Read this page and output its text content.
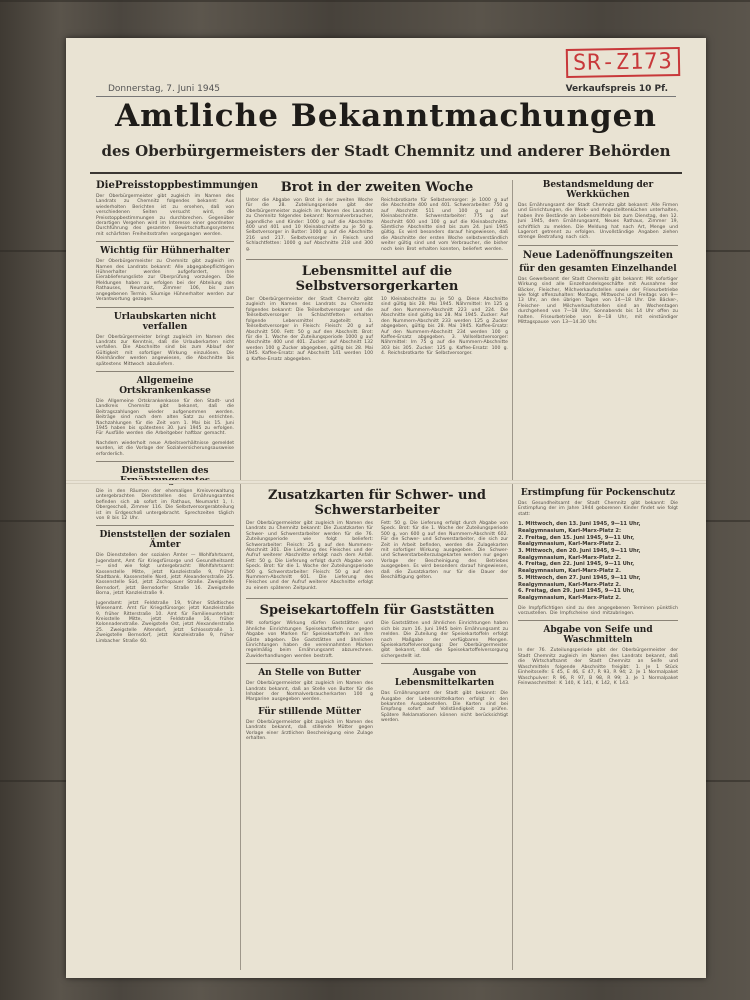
SR-Z173
Donnerstag, 7. Juni 1945	Verkaufspreis 10 Pf.
Amtliche Bekanntmachungen
des Oberbürgermeisters der Stadt Chemnitz und anderer Behörden
DiePreisstoppbestimmungen

Der Oberbürgermeister gibt zugleich im Namen des Landrats zu Chemnitz folgendes bekannt: Aus wiederholten Berichten ist zu ersehen, daß von verschiedenen Seiten versucht wird, die Preisstoppbestimmungen zu durchbrechen. Gegenüber derartigen Vergehen wird im Interesse einer geordneten Durchführung des gesamten Bewirtschaftungssystems mit schärfsten Freiheitsstrafen vorgegangen werden.

Wichtig für Hühnerhalter

Der Oberbürgermeister zu Chemnitz gibt zugleich im Namen des Landrats bekannt: Alle abgegabepflichtigen Hühnerhalter werden aufgefordert, ihre Eierablieferungsliste zur Überprüfung vorzulegen. Die Meldungen haben zu erfolgen bei der Abteilung des Rathauses, Neumarkt, Zimmer 106, bis zum angegebenen Termin. Säumige Hühnerhalter werden zur Verantwortung gezogen.

Urlaubskarten nicht verfallen

Der Oberbürgermeister bringt zugleich im Namen des Landrats zur Kenntnis, daß die Urlauberkarten nicht verfallen. Die Abschnitte sind bis zum Ablauf der Gültigkeit mit sofortiger Wirkung einzulösen. Die Kleinhändler werden angewiesen, die Abschnitte bis spätestens Mittwoch abzuliefern.

Allgemeine Ortskrankenkasse

Die Allgemeine Ortskrankenkasse für den Stadt- und Landkreis Chemnitz gibt bekannt, daß die Beitragszahlungen wieder aufgenommen werden. Beiträge sind nach dem alten Satz zu entrichten. Nachzahlungen für die Zeit vom 1. Mai bis 15. Juni 1945 haben bis spätestens 30. Juni 1945 zu erfolgen. Für Ausfälle werden die Arbeitgeber haftbar gemacht.

Nachdem wiederholt neue Arbeitsverhältnisse gemeldet wurden, ist die Vorlage der Sozialversicherungsausweise erforderlich.

Dienststellen des

Die in den Räumen der ehemaligen Kreisverwaltung untergebrachten Dienststellen des Ernährungsamtes befinden sich ab sofort im Rathaus, Neumarkt 1, I. Obergeschoß, Zimmer 116. Die Selbstversorgerabteilung ist im Erdgeschoß untergebracht. Sprechzeiten täglich von 8 bis 12 Uhr.

Dienststellen der sozialen Ämter

Die Dienststellen der sozialen Ämter — Wohlfahrtsamt, Jugendamt, Amt für Kriegsfürsorge und Gesundheitsamt — sind wie folgt untergebracht: Wohlfahrtsamt: Kassenstelle Mitte, jetzt Kanzleistraße 9, früher Stadtbank. Kassenstelle Nord, jetzt Alexandersstraße 25. Kassenstelle Süd, jetzt Zschopauer Straße. Zweigstelle Bernsdorf, jetzt Bernsdorfer Straße 16. Zweigstelle Borna, jetzt Kanzleistraße 9.

Jugendamt: jetzt Feldstraße 19, früher Städtisches Wiesenamt. Amt für Kriegsfürsorge: jetzt Kanzleistraße 9, früher Ritterstraße 10. Amt für Familienunterhalt: Kreisstelle Mitte, jetzt Feldstraße 16, früher Kolonnadenstraße. Zweigstelle Ost, jetzt Alexanderstraße 25. Zweigstelle Altendorf, jetzt Schlossstraße 1. Zweigstelle Bernsdorf, jetzt Kanzleistraße 9, früher Limbacher Straße 60.

Brot in der zweiten Woche

Unter die Abgabe von Brot in der zweiten Woche für die 28. Zuteilungsperiode gibt der Oberbürgermeister zugleich im Namen des Landrats zu Chemnitz folgendes bekannt: Normalverbraucher, Jugendliche und Kinder: 1000 g auf die Abschnitte 400 und 401 und 10 Kleinabschnitte zu je 50 g. Selbstversorger in Butter: 1000 g auf die Abschnitte 216 und 217. Selbstversorger in Fleisch und Schlachtfetten: 1000 g auf Abschnitte 218 und 300 g.

Reichsbrotkarte für Selbstversorger: je 1000 g auf die Abschnitte 400 und 401. Schwerarbeiter: 750 g auf Abschnitt 511 und 100 g auf die Kleinabschnitte. Schwerstarbeiter: 775 g auf Abschnitt 600 und 100 g auf die Kleinabschnitte. Sämtliche Abschnitte sind bis zum 24. Juni 1945 gültig. Es wird besonders darauf hingewiesen, daß die Abschnitte der ersten Woche selbstverständlich weiter gültig sind und vom Verbraucher, die bisher noch kein Brot erhalten konnten, beliefert werden.

Lebensmittel auf die Selbstversorgerkarten

Der Oberbürgermeister der Stadt Chemnitz gibt zugleich im Namen des Landrats zu Chemnitz folgendes bekannt: Die Teilselbstversorger und die Teilselbstversorger in Schlachtfetten erhalten folgende Lebensmittel zugeteilt: 1. Teilselbstversorger in Fleisch: Fleisch: 20 g auf Abschnitt 500. Fett: 50 g auf den Abschnitt. Brot: für die 1. Woche der Zuteilungsperiode 1000 g auf Abschnitte 400 und 401. Zucker: auf Abschnitt 132 werden 100 g Zucker abgegeben, gültig bis 28. Mai 1945. Kaffee-Ersatz: auf Abschnitt 141 werden 100 g Kaffee-Ersatz abgegeben.

10 Kleinabschnitte zu je 50 g. Diese Abschnitte sind gültig bis 28. Mai 1945. Nährmittel: Im 125 g auf den Nummern-Abschnitt 223 und 224. Die Abschnitte sind gültig bis 28. Mai 1945. Zucker: Auf den Nummern-Abschnitt 233 werden 125 g Zucker abgegeben, gültig bis 28. Mai 1945. Kaffee-Ersatz: Auf den Nummern-Abschnitt 234 werden 100 g Kaffee-Ersatz abgegeben. 3. Vollselbstversorger: Nährmittel: Im 75 g auf die Nummern-Abschnitte 303 bis 305. Zucker: 125 g. Kaffee-Ersatz: 100 g. 4. Reichsbrotkarte für Selbstversorger.

Bestandsmeldung der Werkküchen

Das Ernährungsamt der Stadt Chemnitz gibt bekannt: Alle Firmen und Einrichtungen, die Werk- und Angestelltenküchen unterhalten, haben ihre Bestände an Lebensmitteln bis zum Dienstag, den 12. Juni 1945, dem Ernährungsamt, Neues Rathaus, Zimmer 19, schriftlich zu melden. Die Meldung hat nach Art, Menge und Lagerort getrennt zu erfolgen. Unvollständige Angaben ziehen strenge Bestrafung nach sich.

Neue Ladenöffnungszeiten
für den gesamten Einzelhandel

Das Gewerbeamt der Stadt Chemnitz gibt bekannt: Mit sofortiger Wirkung sind alle Einzelhandelsgeschäfte mit Ausnahme der Bäcker, Fleischer, Milchverkaufsstellen sowie der Friseurbetriebe wie folgt offenzuhalten: Montags, Mittwochs und Freitags von 9—13 Uhr, an den übrigen Tagen von 14—18 Uhr. Die Bäcker-, Fleischer- und Milchverkaufsstellen sind an Wochentagen durchgehend von 7—18 Uhr, Sonnabends bis 14 Uhr offen zu halten. Friseurbetriebe von 8—18 Uhr, mit einstündiger Mittagspause von 13—14.30 Uhr.

Zusatzkarten für Schwer- und Schwerstarbeiter

Der Oberbürgermeister gibt zugleich im Namen des Landrats zu Chemnitz bekannt: Die Zusatzkarten für Schwer- und Schwerstarbeiter werden für die 76. Zuteilungsperiode wie folgt beliefert: Schwerarbeiter: Fleisch: 25 g auf den Nummern-Abschnitt 301. Die Lieferung des Fleisches und der Aufruf weiterer Abschnitte erfolgt nach dem Anfall. Fett: 50 g. Die Lieferung erfolgt durch Abgabe von Speck. Brot: für die 1. Woche der Zuteilungsperiode 500 g. Schwerstarbeiter: Fleisch: 50 g auf den Nummern-Abschnitt 601. Die Lieferung des Fleisches und der Aufruf weiterer Abschnitte erfolgt zu einem späteren Zeitpunkt.

Fett: 50 g. Die Lieferung erfolgt durch Abgabe von Speck. Brot: für die 1. Woche der Zuteilungsperiode 500 g, von 600 g auf den Nummern-Abschnitt 602. Für die Schwer- und Schwerstarbeiter, die sich zur Zeit in Arbeit befinden, werden die Zulagekarten mit sofortiger Wirkung ausgegeben. Die Schwer- und Schwerstarbeiterzulagekarten werden nur gegen Vorlage der Bescheinigung des Betriebes ausgegeben. Es wird besonders darauf hingewiesen, daß die Zusatzkarten nur für die Dauer der Beschäftigung gelten.

Speisekartoffeln für Gaststätten

Mit sofortiger Wirkung dürfen Gaststätten und ähnliche Einrichtungen Speisekartoffeln nur gegen Abgabe von Marken für Speisekartoffeln an ihre Gäste abgeben. Die Gaststätten und ähnlichen Einrichtungen haben die vereinnahmten Marken regelmäßig beim Ernährungsamt abzurechnen. Zuwiderhandlungen werden bestraft.

An Stelle von Butter

Der Oberbürgermeister gibt zugleich im Namen des Landrats bekannt, daß an Stelle von Butter für die Inhaber der Normalverbraucherkarten 100 g Margarine ausgegeben werden.

Für stillende Mütter

Der Oberbürgermeister gibt zugleich im Namen des Landrats bekannt, daß stillende Mütter gegen Vorlage einer ärztlichen Bescheinigung eine Zulage erhalten.

Die Gaststätten und ähnlichen Einrichtungen haben sich bis zum 16. Juni 1945 beim Ernährungsamt zu melden. Die Zuteilung der Speisekartoffeln erfolgt nach Maßgabe der verfügbaren Mengen. Speisekartoffelversorgung: Der Oberbürgermeister gibt bekannt, daß die Speisekartoffelversorgung sichergestellt ist.

Ausgabe von Lebensmittelkarten

Das Ernährungsamt der Stadt gibt bekannt: Die Ausgabe der Lebensmittelkarten erfolgt in den bekannten Ausgabestellen. Die Karten sind bei Empfang sofort auf Vollständigkeit zu prüfen. Spätere Reklamationen können nicht berücksichtigt werden.

Erstimpfung für Pockenschutz

Das Gesundheitsamt der Stadt Chemnitz gibt bekannt: Die Erstimpfung der im Jahre 1944 geborenen Kinder findet wie folgt statt:

1. Mittwoch, den 13. Juni 1945, 9—11 Uhr,
Realgymnasium, Karl-Marx-Platz 2:
2. Freitag, den 15. Juni 1945, 9—11 Uhr,
Realgymnasium, Karl-Marx-Platz 2.
3. Mittwoch, den 20. Juni 1945, 9—11 Uhr,
Realgymnasium, Karl-Marx-Platz 2.
4. Freitag, den 22. Juni 1945, 9—11 Uhr,
Realgymnasium, Karl-Marx-Platz 2.
5. Mittwoch, den 27. Juni 1945, 9—11 Uhr,
Realgymnasium, Karl-Marx-Platz 2.
6. Freitag, den 29. Juni 1945, 9—11 Uhr,
Realgymnasium, Karl-Marx-Platz 2.

Die Impfpflichtigen sind zu den angegebenen Terminen pünktlich vorzustellen. Die Impfscheine sind mitzubringen.

Abgabe von Seife und Waschmitteln

In der 76. Zuteilungsperiode gibt der Oberbürgermeister der Stadt Chemnitz zugleich im Namen des Landrats bekannt, daß die Wirtschaftsamt der Stadt Chemnitz an Seife und Waschmitteln folgende Abschnitte freigibt: 1. Je 1 Stück Einheitsseife: E 45, E 46, E 47, R 93, R 94; 2. Je 1 Normalpaket Waschpulver: R 96, R 97, B 98, R 99; 3. Je 1 Normalpaket Feinwaschmittel: K 140, K 141, K 142, K 143.
